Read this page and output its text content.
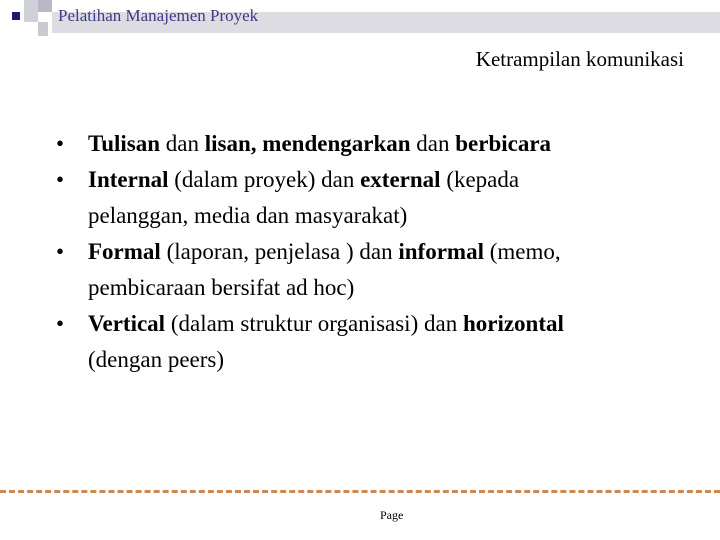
Pelatihan Manajemen Proyek
Ketrampilan komunikasi
• Tulisan dan lisan, mendengarkan dan berbicara
• Internal (dalam proyek) dan external (kepada
pelanggan, media dan masyarakat)
• Formal (laporan, penjelasa ) dan informal (memo,
pembicaraan bersifat ad hoc)
• Vertical (dalam struktur organisasi) dan horizontal
(dengan peers)
Page
